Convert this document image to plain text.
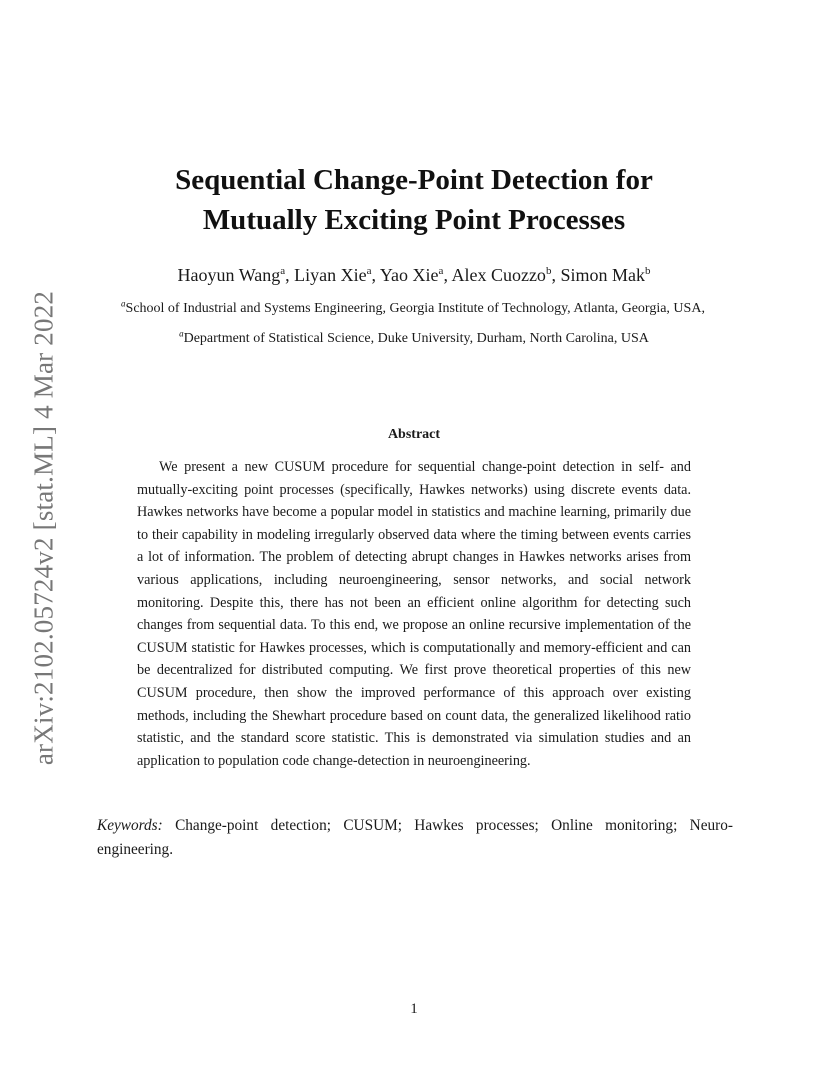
arXiv:2102.05724v2 [stat.ML] 4 Mar 2022
Sequential Change-Point Detection for
Mutually Exciting Point Processes
Haoyun Wang$^a$, Liyan Xie$^a$, Yao Xie$^a$, Alex Cuozzo$^b$, Simon Mak$^b$
$^a$School of Industrial and Systems Engineering, Georgia Institute of Technology, Atlanta, Georgia, USA,
$^a$Department of Statistical Science, Duke University, Durham, North Carolina, USA
Abstract
We present a new CUSUM procedure for sequential change-point detection in self- and mutually-exciting point processes (specifically, Hawkes networks) using discrete events data. Hawkes networks have become a popular model in statistics and machine learning, primarily due to their capability in modeling irregularly observed data where the timing between events carries a lot of information. The problem of detecting abrupt changes in Hawkes networks arises from various applications, including neuroengineering, sensor networks, and social network monitoring. Despite this, there has not been an efficient online algorithm for detecting such changes from sequential data. To this end, we propose an online recursive implementation of the CUSUM statistic for Hawkes processes, which is computationally and memory-efficient and can be decentralized for distributed computing. We first prove theoretical properties of this new CUSUM procedure, then show the improved performance of this approach over existing methods, including the Shewhart procedure based on count data, the generalized likelihood ratio statistic, and the standard score statistic. This is demonstrated via simulation studies and an application to population code change-detection in neuroengineering.
Keywords: Change-point detection; CUSUM; Hawkes processes; Online monitoring; Neuro-engineering.
1
